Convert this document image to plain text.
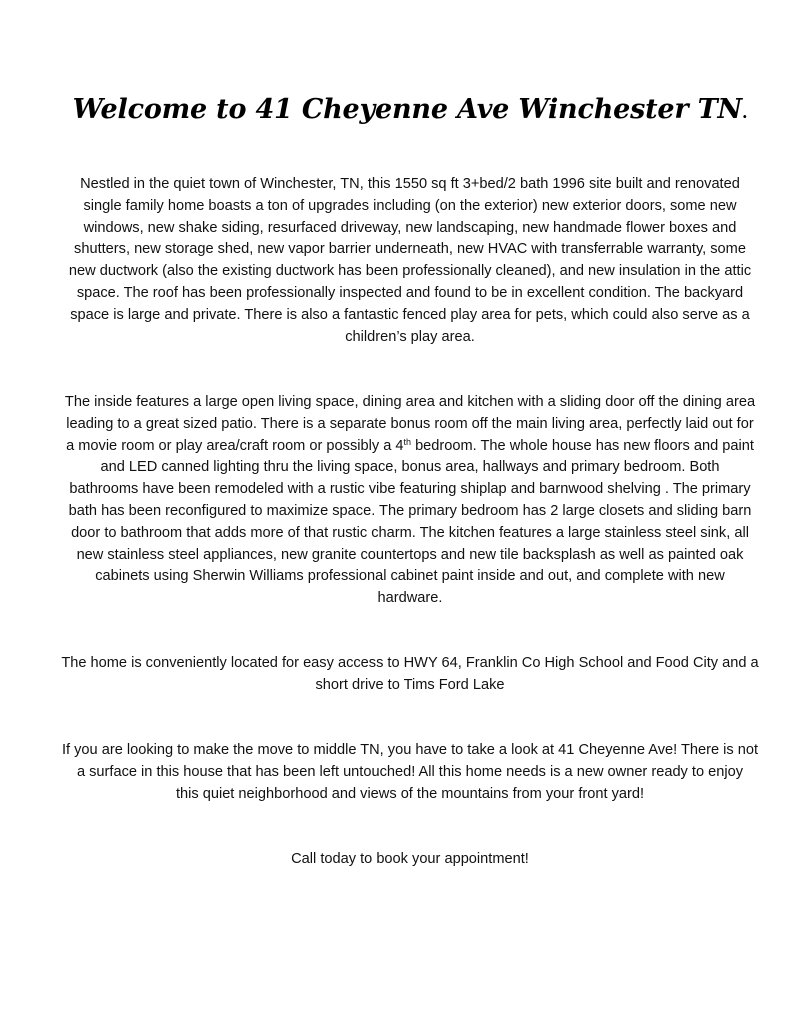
Welcome to 41 Cheyenne Ave Winchester TN.

Nestled in the quiet town of Winchester, TN, this 1550 sq ft 3+bed/2 bath 1996 site built and renovated
single family home boasts a ton of upgrades including (on the exterior) new exterior doors, some new
windows, new shake siding, resurfaced driveway, new landscaping, new handmade flower boxes and
shutters, new storage shed, new vapor barrier underneath, new HVAC with transferrable warranty, some
new ductwork (also the existing ductwork has been professionally cleaned), and new insulation in the attic
space. The roof has been professionally inspected and found to be in excellent condition. The backyard
space is large and private. There is also a fantastic fenced play area for pets, which could also serve as a
children’s play area.

The inside features a large open living space, dining area and kitchen with a sliding door off the dining area
leading to a great sized patio. There is a separate bonus room off the main living area, perfectly laid out for
a movie room or play area/craft room or possibly a 4th bedroom. The whole house has new floors and paint
and LED canned lighting thru the living space, bonus area, hallways and primary bedroom. Both
bathrooms have been remodeled with a rustic vibe featuring shiplap and barnwood shelving . The primary
bath has been reconfigured to maximize space. The primary bedroom has 2 large closets and sliding barn
door to bathroom that adds more of that rustic charm. The kitchen features a large stainless steel sink, all
new stainless steel appliances, new granite countertops and new tile backsplash as well as painted oak
cabinets using Sherwin Williams professional cabinet paint inside and out, and complete with new
hardware.

The home is conveniently located for easy access to HWY 64, Franklin Co High School and Food City and a
short drive to Tims Ford Lake

If you are looking to make the move to middle TN, you have to take a look at 41 Cheyenne Ave! There is not
a surface in this house that has been left untouched! All this home needs is a new owner ready to enjoy
this quiet neighborhood and views of the mountains from your front yard!

Call today to book your appointment!
